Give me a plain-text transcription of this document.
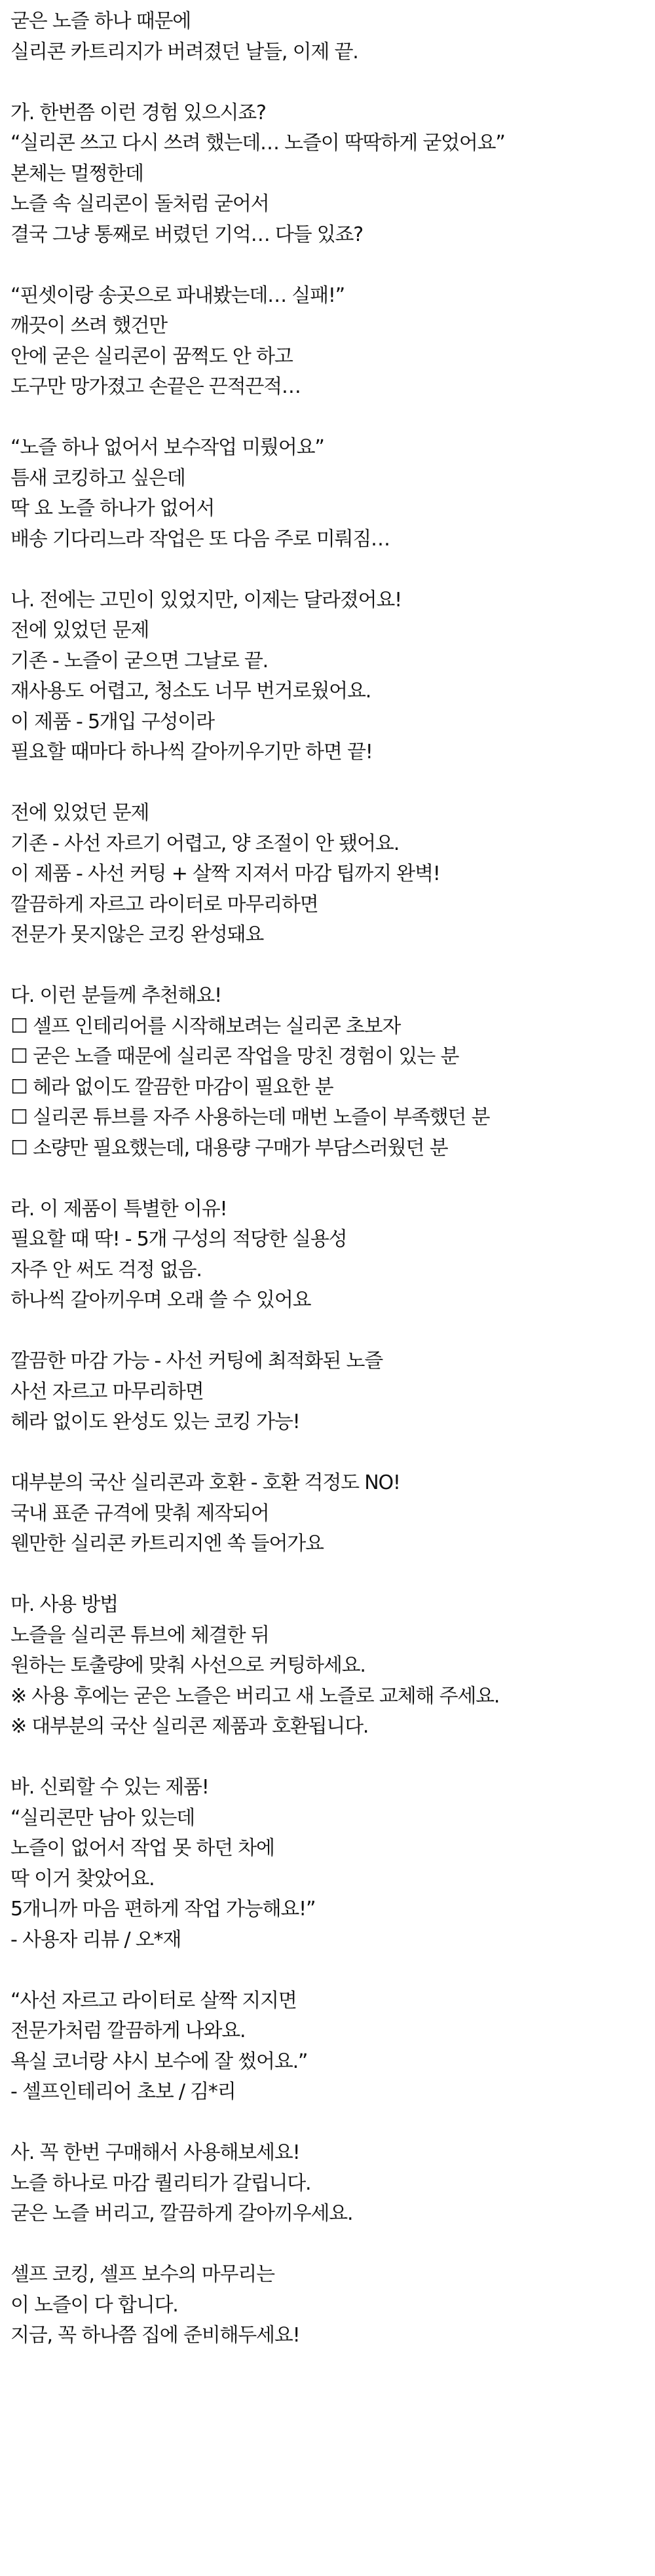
굳은 노즐 하나 때문에
실리콘 카트리지가 버려졌던 날들, 이제 끝.
가. 한번쯤 이런 경험 있으시죠?
“실리콘 쓰고 다시 쓰려 했는데… 노즐이 딱딱하게 굳었어요”
본체는 멀쩡한데
노즐 속 실리콘이 돌처럼 굳어서
결국 그냥 통째로 버렸던 기억… 다들 있죠?
“핀셋이랑 송곳으로 파내봤는데… 실패!”
깨끗이 쓰려 했건만
안에 굳은 실리콘이 꿈쩍도 안 하고
도구만 망가졌고 손끝은 끈적끈적…
“노즐 하나 없어서 보수작업 미뤘어요”
틈새 코킹하고 싶은데
딱 요 노즐 하나가 없어서
배송 기다리느라 작업은 또 다음 주로 미뤄짐…
나. 전에는 고민이 있었지만, 이제는 달라졌어요!
전에 있었던 문제
기존 - 노즐이 굳으면 그날로 끝.
재사용도 어렵고, 청소도 너무 번거로웠어요.
이 제품 - 5개입 구성이라
필요할 때마다 하나씩 갈아끼우기만 하면 끝!
전에 있었던 문제
기존 - 사선 자르기 어렵고, 양 조절이 안 됐어요.
이 제품 - 사선 커팅 + 살짝 지져서 마감 팁까지 완벽!
깔끔하게 자르고 라이터로 마무리하면
전문가 못지않은 코킹 완성돼요
다. 이런 분들께 추천해요!
☐ 셀프 인테리어를 시작해보려는 실리콘 초보자
☐ 굳은 노즐 때문에 실리콘 작업을 망친 경험이 있는 분
☐ 헤라 없이도 깔끔한 마감이 필요한 분
☐ 실리콘 튜브를 자주 사용하는데 매번 노즐이 부족했던 분
☐ 소량만 필요했는데, 대용량 구매가 부담스러웠던 분
라. 이 제품이 특별한 이유!
필요할 때 딱! - 5개 구성의 적당한 실용성
자주 안 써도 걱정 없음.
하나씩 갈아끼우며 오래 쓸 수 있어요
깔끔한 마감 가능 - 사선 커팅에 최적화된 노즐
사선 자르고 마무리하면
헤라 없이도 완성도 있는 코킹 가능!
대부분의 국산 실리콘과 호환 - 호환 걱정도 NO!
국내 표준 규격에 맞춰 제작되어
웬만한 실리콘 카트리지엔 쏙 들어가요
마. 사용 방법
노즐을 실리콘 튜브에 체결한 뒤
원하는 토출량에 맞춰 사선으로 커팅하세요.
※ 사용 후에는 굳은 노즐은 버리고 새 노즐로 교체해 주세요.
※ 대부분의 국산 실리콘 제품과 호환됩니다.
바. 신뢰할 수 있는 제품!
“실리콘만 남아 있는데
노즐이 없어서 작업 못 하던 차에
딱 이거 찾았어요.
5개니까 마음 편하게 작업 가능해요!”
- 사용자 리뷰 / 오*재
“사선 자르고 라이터로 살짝 지지면
전문가처럼 깔끔하게 나와요.
욕실 코너랑 샤시 보수에 잘 썼어요.”
- 셀프인테리어 초보 / 김*리
사. 꼭 한번 구매해서 사용해보세요!
노즐 하나로 마감 퀄리티가 갈립니다.
굳은 노즐 버리고, 깔끔하게 갈아끼우세요.
셀프 코킹, 셀프 보수의 마무리는
이 노즐이 다 합니다.
지금, 꼭 하나쯤 집에 준비해두세요!
